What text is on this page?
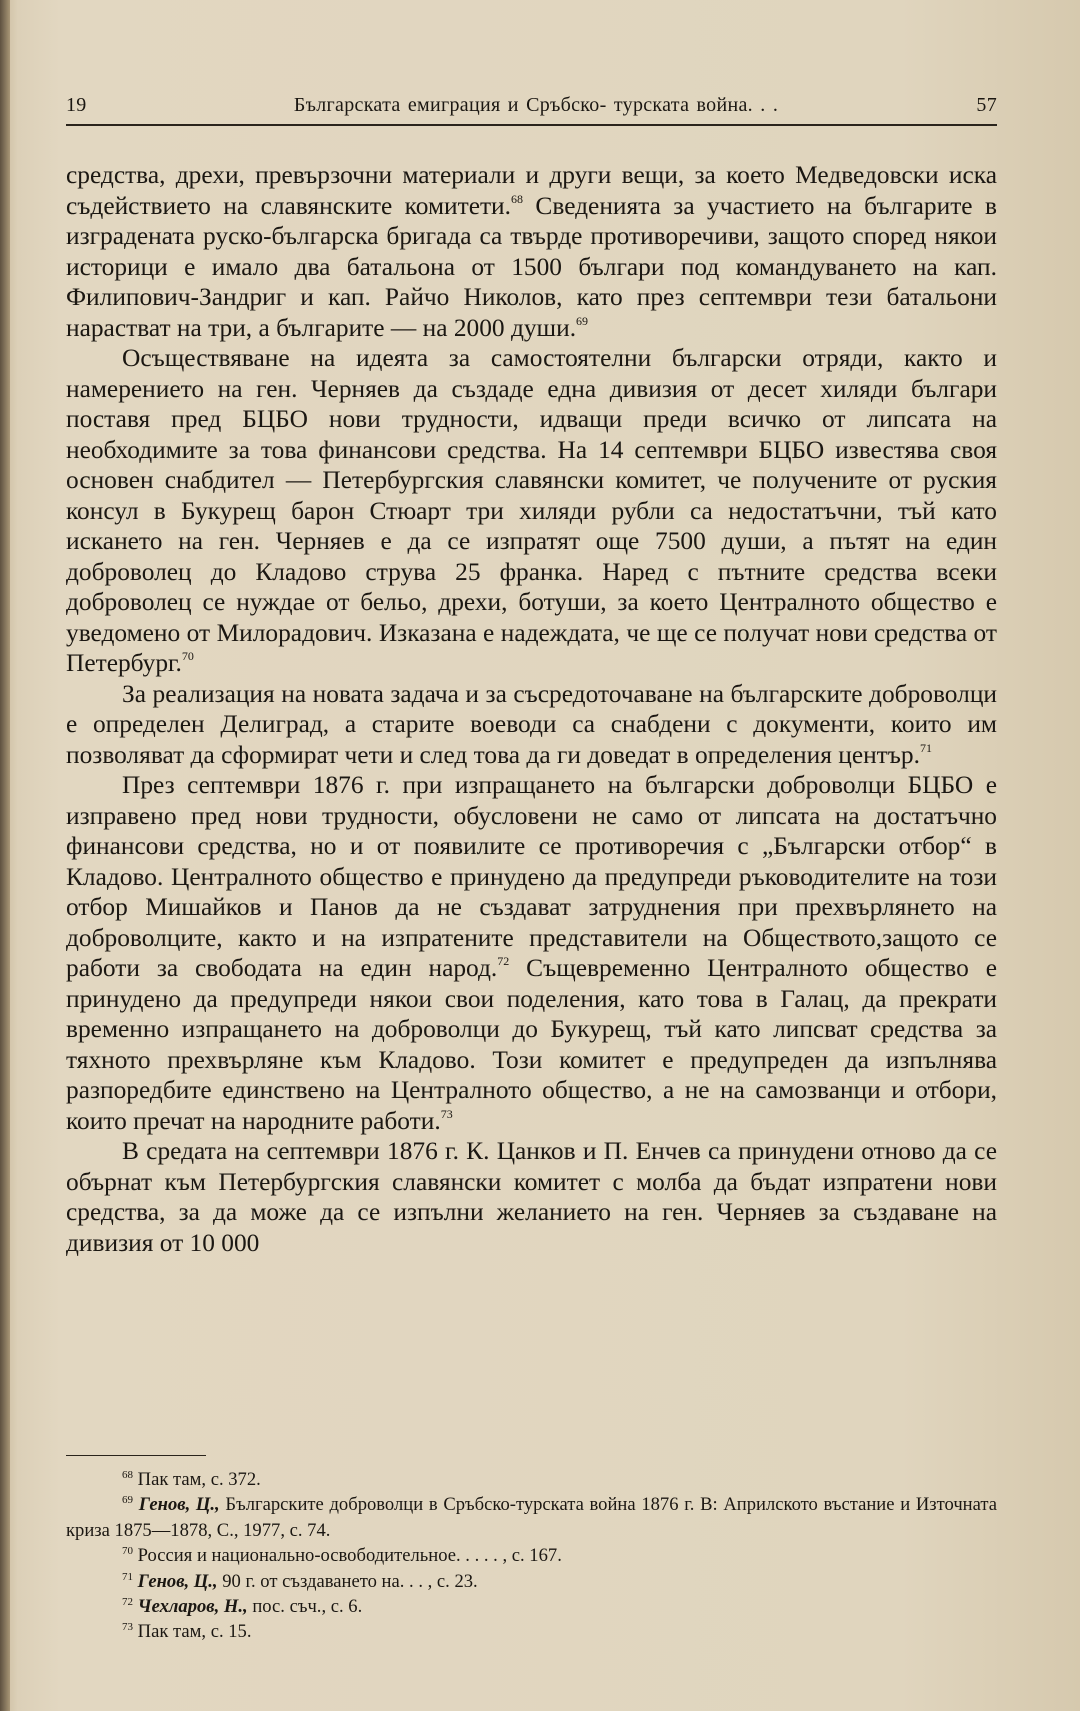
19	Българската емиграция и Сръбско- турската война. . .	57

средства, дрехи, превързочни материали и други вещи, за което Медведовски иска съдействието на славянските комитети.$^{68}$ Сведенията за участието на българите в изградената руско-българска бригада са твърде противоречиви, защото според някои историци е имало два батальона от 1500 българи под командуването на кап. Филипович-Зандриг и кап. Райчо Николов, като през септември тези батальони нарастват на три, а българите — на 2000 души.$^{69}$

Осъществяване на идеята за самостоятелни български отряди, както и намерението на ген. Черняев да създаде една дивизия от десет хиляди българи поставя пред БЦБО нови трудности, идващи преди всичко от липсата на необходимите за това финансови средства. На 14 септември БЦБО известява своя основен снабдител — Петербургския славянски комитет, че получените от руския консул в Букурещ барон Стюарт три хиляди рубли са недостатъчни, тъй като искането на ген. Черняев е да се изпратят още 7500 души, а пътят на един доброволец до Кладово струва 25 франка. Наред с пътните средства всеки доброволец се нуждае от бельо, дрехи, ботуши, за което Централното общество е уведомено от Милорадович. Изказана е надеждата, че ще се получат нови средства от Петербург.$^{70}$

За реализация на новата задача и за съсредоточаване на българските доброволци е определен Делиград, а старите воеводи са снабдени с документи, които им позволяват да сформират чети и след това да ги доведат в определения център.$^{71}$

През септември 1876 г. при изпращането на български доброволци БЦБО е изправено пред нови трудности, обусловени не само от липсата на достатъчно финансови средства, но и от появилите се противоречия с „Български отбор“ в Кладово. Централното общество е принудено да предупреди ръководителите на този отбор Мишайков и Панов да не създават затруднения при прехвърлянето на доброволците, както и на изпратените представители на Обществото,защото се работи за свободата на един народ.$^{72}$ Същевременно Централното общество е принудено да предупреди някои свои поделения, като това в Галац, да прекрати временно изпращането на доброволци до Букурещ, тъй като липсват средства за тяхното прехвърляне към Кладово. Този комитет е предупреден да изпълнява разпоредбите единствено на Централното общество, а не на самозванци и отбори, които пречат на народните работи.$^{73}$

В средата на септември 1876 г. К. Цанков и П. Енчев са принудени отново да се обърнат към Петербургския славянски комитет с молба да бъдат изпратени нови средства, за да може да се изпълни желанието на ген. Черняев за създаване на дивизия от 10 000

$^{68}$ Пак там, с. 372.

$^{69}$ Генов, Ц., Българските доброволци в Сръбско-турската война 1876 г. В: Априлското въстание и Източната криза 1875—1878, С., 1977, с. 74.

$^{70}$ Россия и национально-освободительное. . . . . , с. 167.

$^{71}$ Генов, Ц., 90 г. от създаването на. . . , с. 23.

$^{72}$ Чехларов, Н., пос. съч., с. 6.

$^{73}$ Пак там, с. 15.
